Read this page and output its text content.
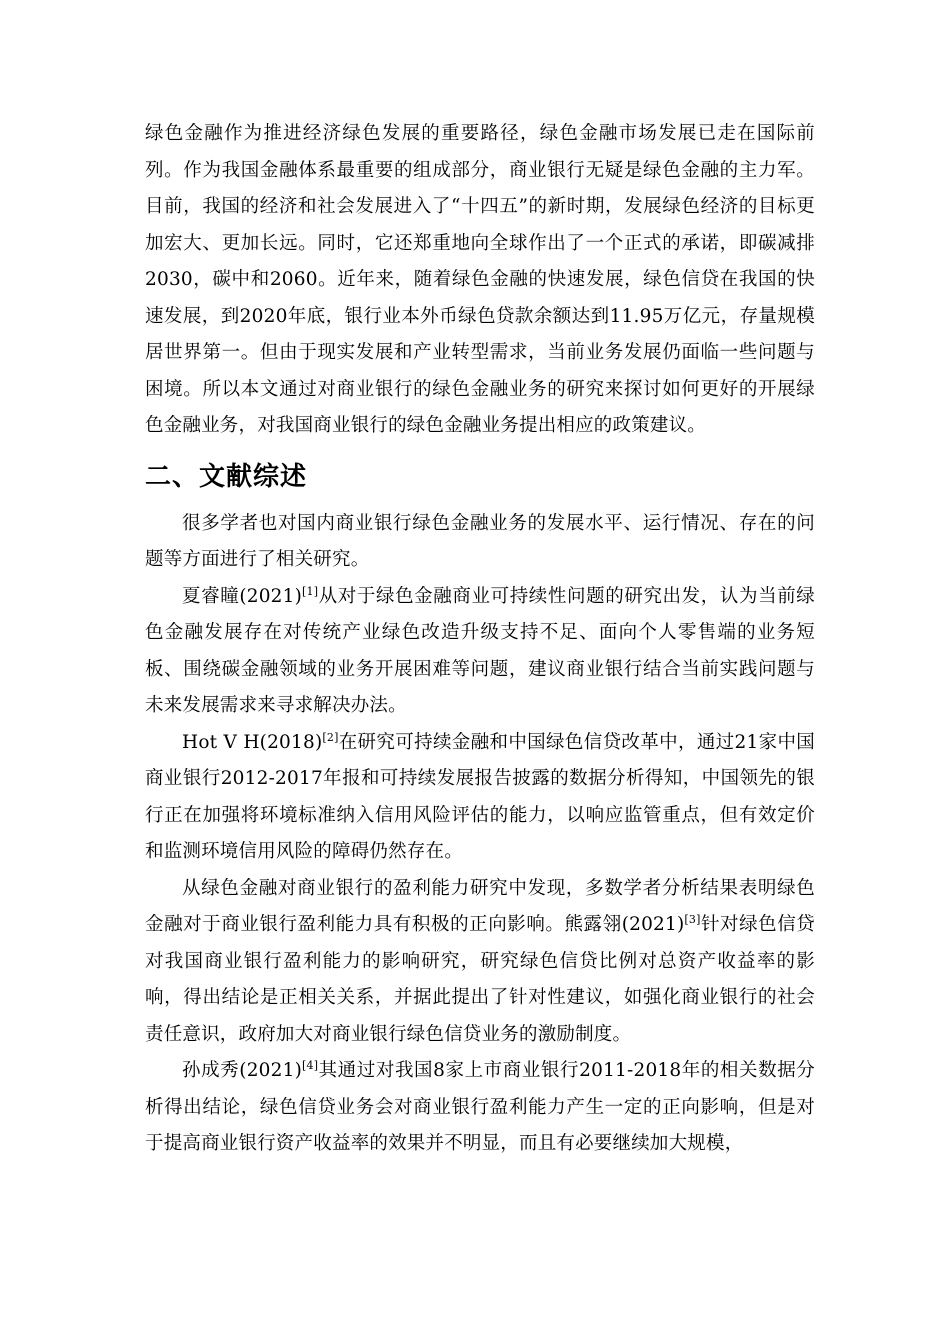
绿色金融作为推进经济绿色发展的重要路径，绿色金融市场发展已走在国际前列。作为我国金融体系最重要的组成部分，商业银行无疑是绿色金融的主力军。目前，我国的经济和社会发展进入了“十四五”的新时期，发展绿色经济的目标更加宏大、更加长远。同时，它还郑重地向全球作出了一个正式的承诺，即碳减排2030，碳中和2060。近年来，随着绿色金融的快速发展，绿色信贷在我国的快速发展，到2020年底，银行业本外币绿色贷款余额达到11.95万亿元，存量规模居世界第一。但由于现实发展和产业转型需求，当前业务发展仍面临一些问题与困境。所以本文通过对商业银行的绿色金融业务的研究来探讨如何更好的开展绿色金融业务，对我国商业银行的绿色金融业务提出相应的政策建议。

二、文献综述

很多学者也对国内商业银行绿色金融业务的发展水平、运行情况、存在的问题等方面进行了相关研究。

夏睿瞳(2021)[1]从对于绿色金融商业可持续性问题的研究出发，认为当前绿色金融发展存在对传统产业绿色改造升级支持不足、面向个人零售端的业务短板、围绕碳金融领域的业务开展困难等问题，建议商业银行结合当前实践问题与未来发展需求来寻求解决办法。

Hot V H(2018)[2]在研究可持续金融和中国绿色信贷改革中，通过21家中国商业银行2012-2017年报和可持续发展报告披露的数据分析得知，中国领先的银行正在加强将环境标准纳入信用风险评估的能力，以响应监管重点，但有效定价和监测环境信用风险的障碍仍然存在。

从绿色金融对商业银行的盈利能力研究中发现，多数学者分析结果表明绿色金融对于商业银行盈利能力具有积极的正向影响。熊露翎(2021)[3]针对绿色信贷对我国商业银行盈利能力的影响研究，研究绿色信贷比例对总资产收益率的影响，得出结论是正相关关系，并据此提出了针对性建议，如强化商业银行的社会责任意识，政府加大对商业银行绿色信贷业务的激励制度。

孙成秀(2021)[4]其通过对我国8家上市商业银行2011-2018年的相关数据分析得出结论，绿色信贷业务会对商业银行盈利能力产生一定的正向影响，但是对于提高商业银行资产收益率的效果并不明显，而且有必要继续加大规模，
